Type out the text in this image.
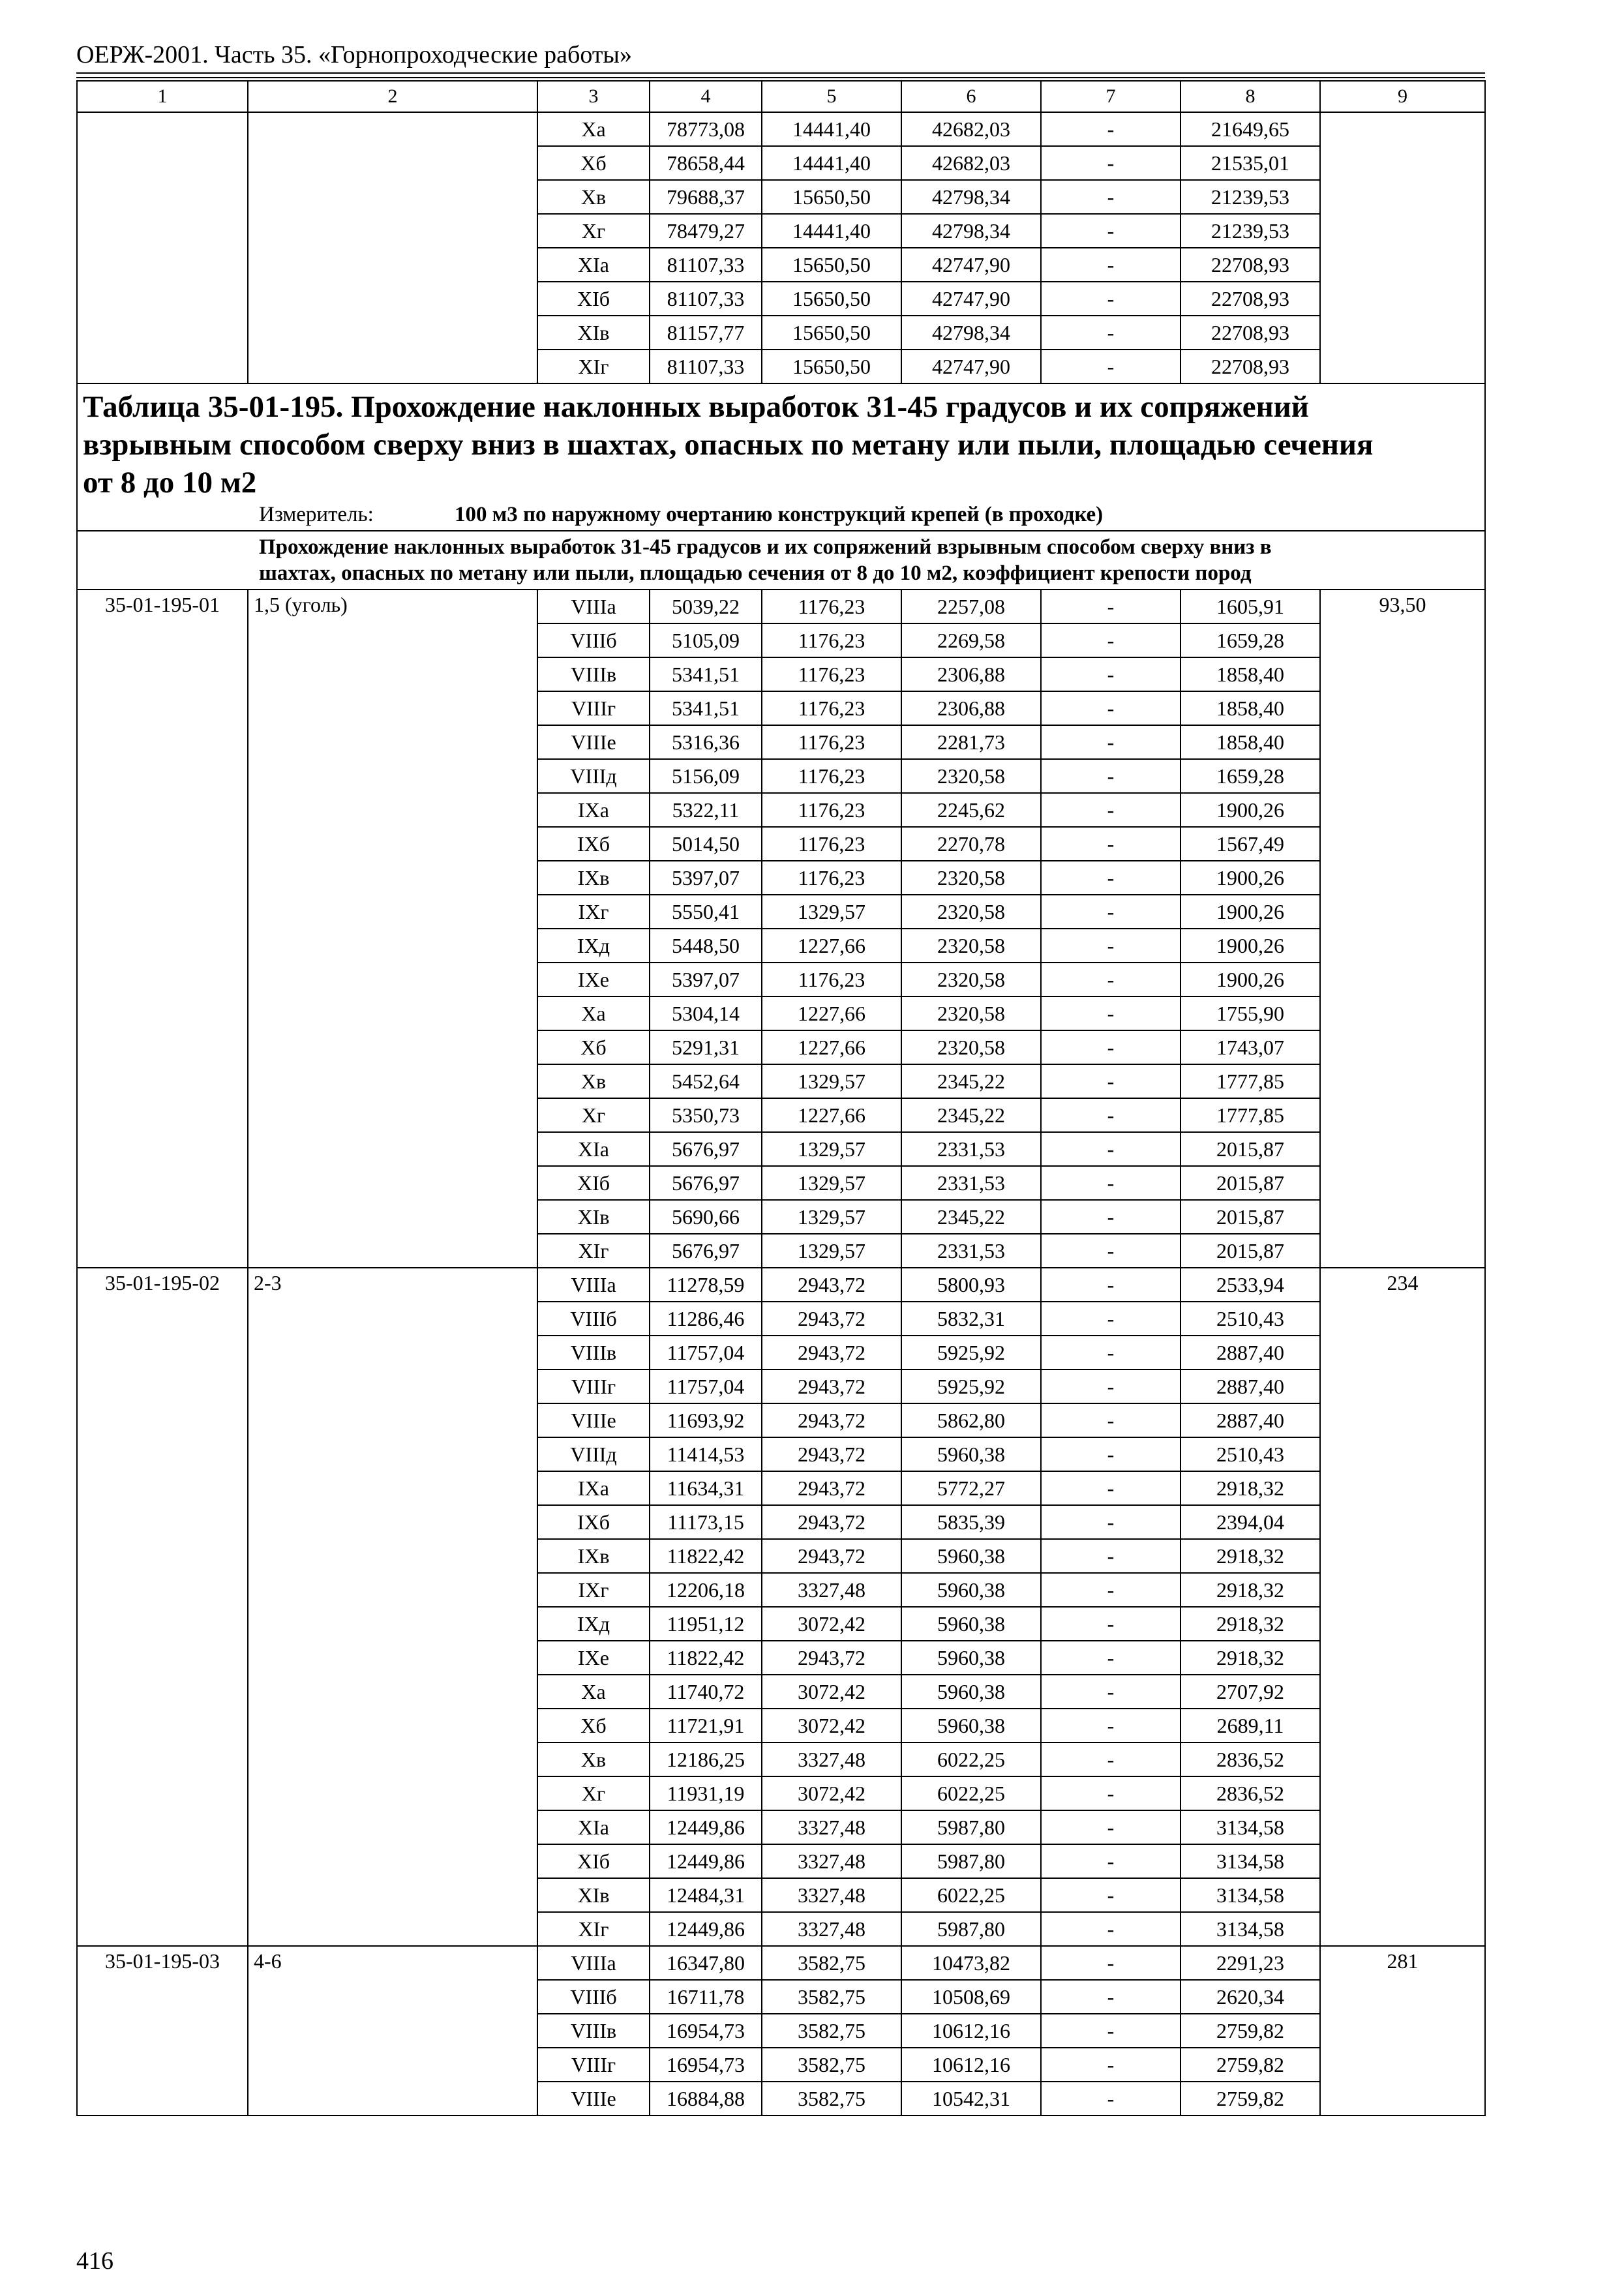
ОЕРЖ-2001. Часть 35. «Горнопроходческие работы»
1	2	3	4	5	6	7	8	9
		Xa	78773,08	14441,40	42682,03	-	21649,65	
		Xб	78658,44	14441,40	42682,03	-	21535,01	
		Xв	79688,37	15650,50	42798,34	-	21239,53	
		Xг	78479,27	14441,40	42798,34	-	21239,53	
		XIa	81107,33	15650,50	42747,90	-	22708,93	
		XIб	81107,33	15650,50	42747,90	-	22708,93	
		XIв	81157,77	15650,50	42798,34	-	22708,93	
		XIг	81107,33	15650,50	42747,90	-	22708,93	

Таблица 35-01-195. Прохождение наклонных выработок 31-45 градусов и их сопряжений
взрывным способом сверху вниз в шахтах, опасных по метану или пыли, площадью сечения
от 8 до 10 м2
Измеритель: 100 м3 по наружному очертанию конструкций крепей (в проходке)								

Прохождение наклонных выработок 31-45 градусов и их сопряжений взрывным способом сверху вниз в
шахтах, опасных по метану или пыли, площадью сечения от 8 до 10 м2, коэффициент крепости пород								

35-01-195-01	1,5 (уголь)	VIIIa	5039,22	1176,23	2257,08	-	1605,91	93,50
		VIIIб	5105,09	1176,23	2269,58	-	1659,28	
		VIIIв	5341,51	1176,23	2306,88	-	1858,40	
		VIIIг	5341,51	1176,23	2306,88	-	1858,40	
		VIIIe	5316,36	1176,23	2281,73	-	1858,40	
		VIIIд	5156,09	1176,23	2320,58	-	1659,28	
		IXa	5322,11	1176,23	2245,62	-	1900,26	
		IXб	5014,50	1176,23	2270,78	-	1567,49	
		IXв	5397,07	1176,23	2320,58	-	1900,26	
		IXг	5550,41	1329,57	2320,58	-	1900,26	
		IXд	5448,50	1227,66	2320,58	-	1900,26	
		IXe	5397,07	1176,23	2320,58	-	1900,26	
		Xa	5304,14	1227,66	2320,58	-	1755,90	
		Xб	5291,31	1227,66	2320,58	-	1743,07	
		Xв	5452,64	1329,57	2345,22	-	1777,85	
		Xг	5350,73	1227,66	2345,22	-	1777,85	
		XIa	5676,97	1329,57	2331,53	-	2015,87	
		XIб	5676,97	1329,57	2331,53	-	2015,87	
		XIв	5690,66	1329,57	2345,22	-	2015,87	
		XIг	5676,97	1329,57	2331,53	-	2015,87	
35-01-195-02	2-3	VIIIa	11278,59	2943,72	5800,93	-	2533,94	234
		VIIIб	11286,46	2943,72	5832,31	-	2510,43	
		VIIIв	11757,04	2943,72	5925,92	-	2887,40	
		VIIIг	11757,04	2943,72	5925,92	-	2887,40	
		VIIIe	11693,92	2943,72	5862,80	-	2887,40	
		VIIIд	11414,53	2943,72	5960,38	-	2510,43	
		IXa	11634,31	2943,72	5772,27	-	2918,32	
		IXб	11173,15	2943,72	5835,39	-	2394,04	
		IXв	11822,42	2943,72	5960,38	-	2918,32	
		IXг	12206,18	3327,48	5960,38	-	2918,32	
		IXд	11951,12	3072,42	5960,38	-	2918,32	
		IXe	11822,42	2943,72	5960,38	-	2918,32	
		Xa	11740,72	3072,42	5960,38	-	2707,92	
		Xб	11721,91	3072,42	5960,38	-	2689,11	
		Xв	12186,25	3327,48	6022,25	-	2836,52	
		Xг	11931,19	3072,42	6022,25	-	2836,52	
		XIa	12449,86	3327,48	5987,80	-	3134,58	
		XIб	12449,86	3327,48	5987,80	-	3134,58	
		XIв	12484,31	3327,48	6022,25	-	3134,58	
		XIг	12449,86	3327,48	5987,80	-	3134,58	
35-01-195-03	4-6	VIIIa	16347,80	3582,75	10473,82	-	2291,23	281
		VIIIб	16711,78	3582,75	10508,69	-	2620,34	
		VIIIв	16954,73	3582,75	10612,16	-	2759,82	
		VIIIг	16954,73	3582,75	10612,16	-	2759,82	
		VIIIe	16884,88	3582,75	10542,31	-	2759,82	
416
